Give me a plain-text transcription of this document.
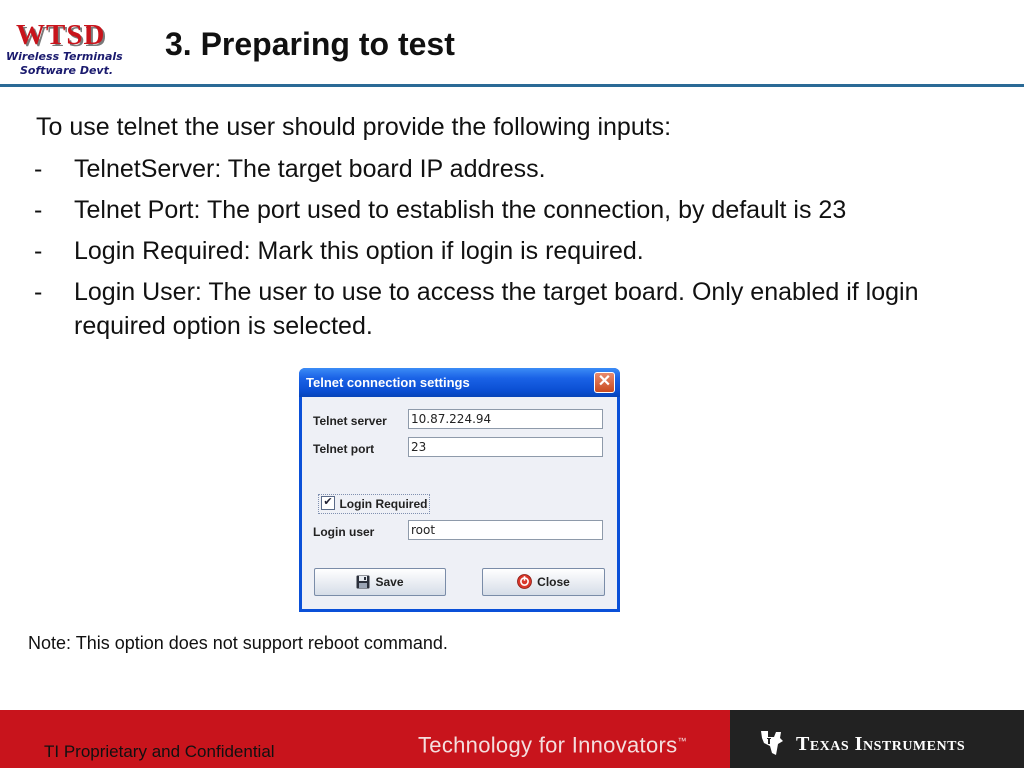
WTSD
Wireless Terminals
Software Devt.
3. Preparing to test
To use telnet the user should provide the following inputs:
- TelnetServer: The target board IP address.
- Telnet Port: The port used to establish the connection, by default is 23
- Login Required: Mark this option if login is required.
- Login User: The user to use to access the target board. Only enabled if login required option is selected.
Telnet connection settings	✕
Telnet server 10.87.224.94
Telnet port	23
✔ Login Required
Login user	root
Save	Close
Note: This option does not support reboot command.
TI Proprietary and Confidential	Technology for Innovators™	Texas Instruments
